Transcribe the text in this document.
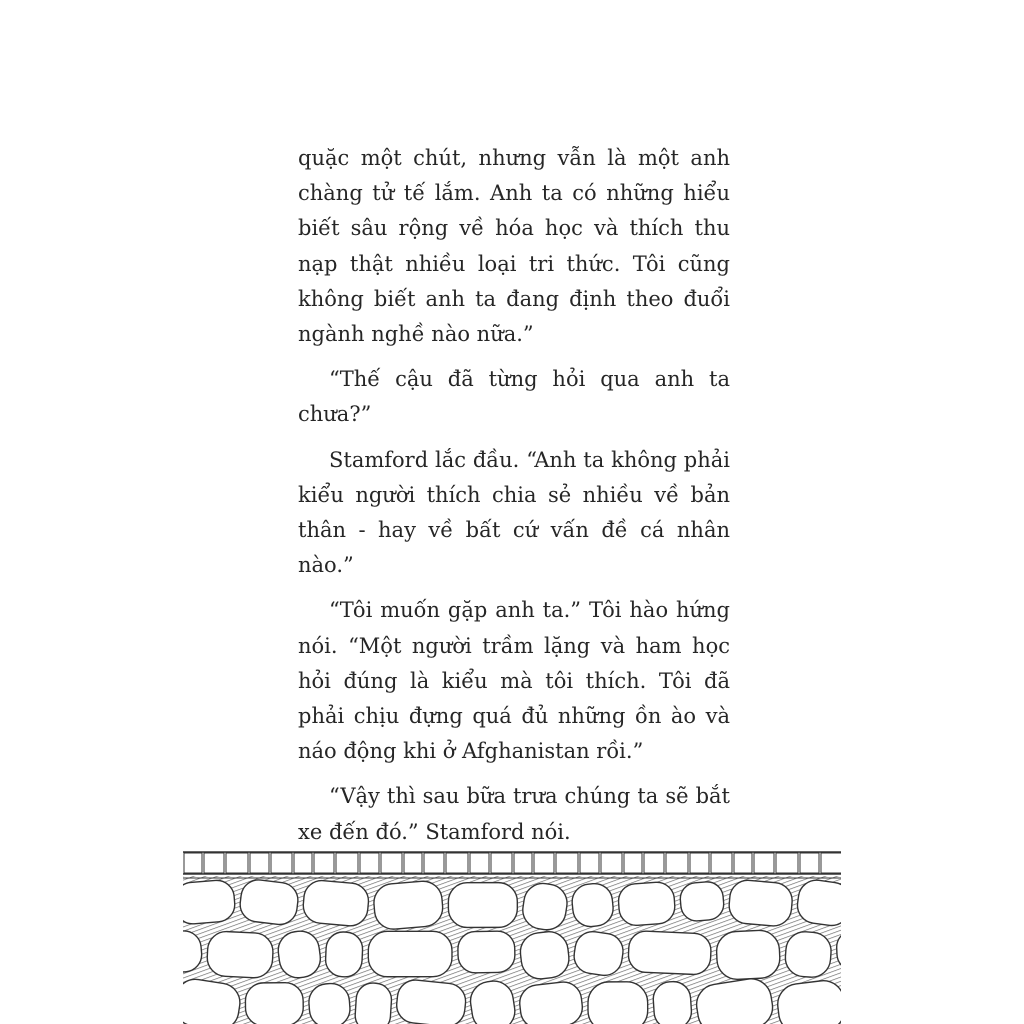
quặc một chút, nhưng vẫn là một anh chàng tử tế lắm. Anh ta có những hiểu biết sâu rộng về hóa học và thích thu nạp thật nhiều loại tri thức. Tôi cũng không biết anh ta đang định theo đuổi ngành nghề nào nữa.”

“Thế cậu đã từng hỏi qua anh ta chưa?”

Stamford lắc đầu. “Anh ta không phải kiểu người thích chia sẻ nhiều về bản thân - hay về bất cứ vấn đề cá nhân nào.”

“Tôi muốn gặp anh ta.” Tôi hào hứng nói. “Một người trầm lặng và ham học hỏi đúng là kiểu mà tôi thích. Tôi đã phải chịu đựng quá đủ những ồn ào và náo động khi ở Afghanistan rồi.”

“Vậy thì sau bữa trưa chúng ta sẽ bắt xe đến đó.” Stamford nói.
